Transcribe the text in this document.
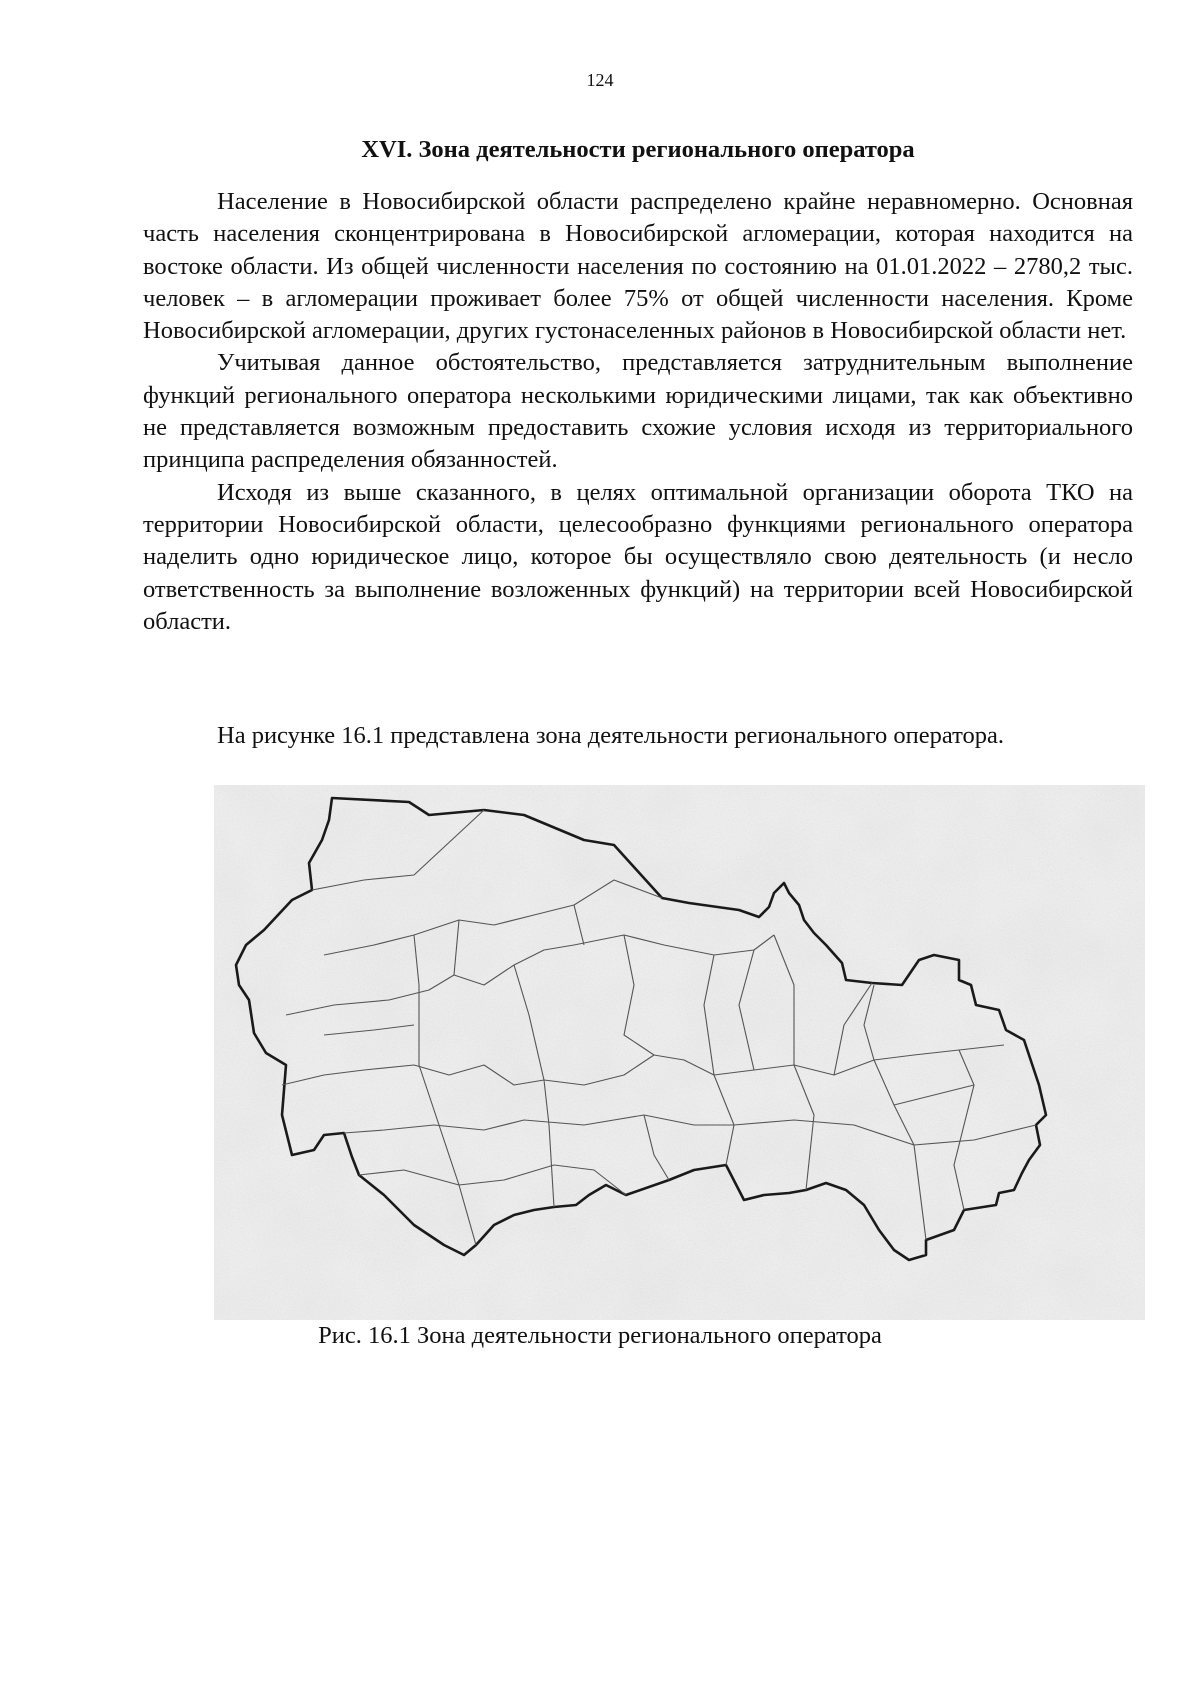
124
XVI. Зона деятельности регионального оператора

Население в Новосибирской области распределено крайне неравномерно. Основная часть населения сконцентрирована в Новосибирской агломерации, которая находится на востоке области. Из общей численности населения по состоянию на 01.01.2022 – 2780,2 тыс. человек – в агломерации проживает более 75% от общей численности населения. Кроме Новосибирской агломерации, других густонаселенных районов в Новосибирской области нет.

Учитывая данное обстоятельство, представляется затруднительным выполнение функций регионального оператора несколькими юридическими лицами, так как объективно не представляется возможным предоставить схожие условия исходя из территориального принципа распределения обязанностей.

Исходя из выше сказанного, в целях оптимальной организации оборота ТКО на территории Новосибирской области, целесообразно функциями регионального оператора наделить одно юридическое лицо, которое бы осуществляло свою деятельность (и несло ответственность за выполнение возложенных функций) на территории всей Новосибирской области.

На рисунке 16.1 представлена зона деятельности регионального оператора.

Рис. 16.1 Зона деятельности регионального оператора
